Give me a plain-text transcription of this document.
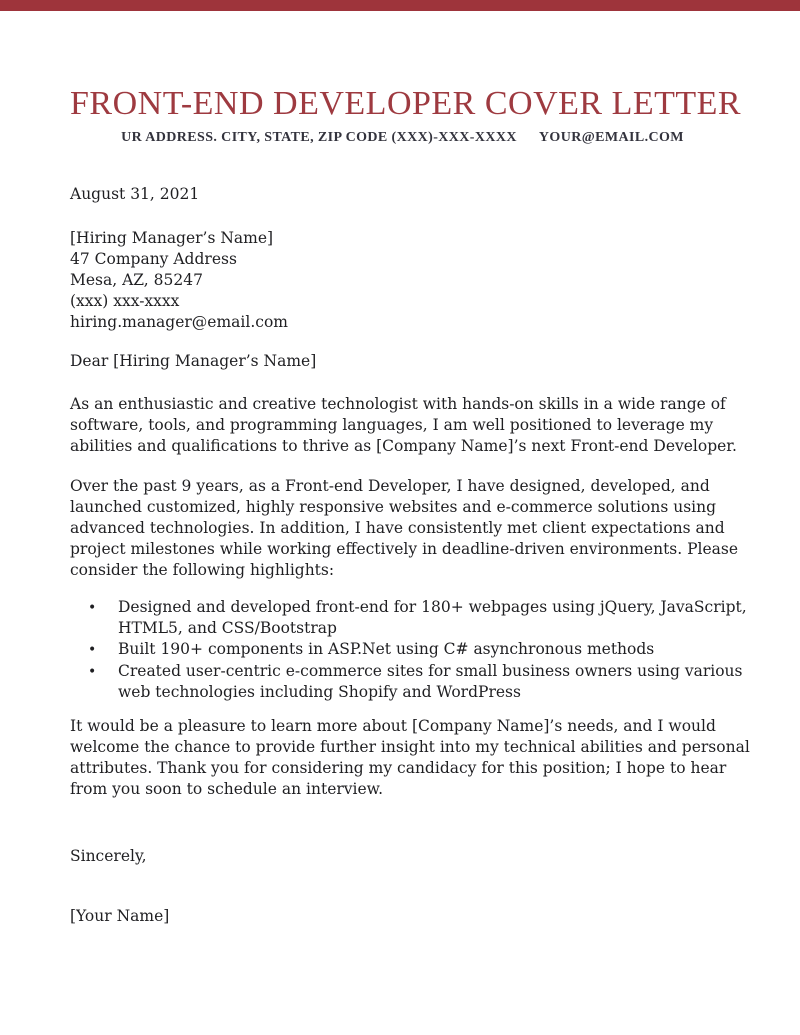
FRONT-END DEVELOPER COVER LETTER
UR ADDRESS. CITY, STATE, ZIP CODE (XXX)-XXX-XXXX YOUR@EMAIL.COM
August 31, 2021
[Hiring Manager’s Name]
47 Company Address
Mesa, AZ, 85247
(xxx) xxx-xxxx
hiring.manager@email.com
Dear [Hiring Manager’s Name]
As an enthusiastic and creative technologist with hands-on skills in a wide range of
software, tools, and programming languages, I am well positioned to leverage my
abilities and qualifications to thrive as [Company Name]’s next Front-end Developer.
Over the past 9 years, as a Front-end Developer, I have designed, developed, and
launched customized, highly responsive websites and e-commerce solutions using
advanced technologies. In addition, I have consistently met client expectations and
project milestones while working effectively in deadline-driven environments. Please
consider the following highlights:
•
Designed and developed front-end for 180+ webpages using jQuery, JavaScript,
HTML5, and CSS/Bootstrap
•
Built 190+ components in ASP.Net using C# asynchronous methods
•
Created user-centric e-commerce sites for small business owners using various
web technologies including Shopify and WordPress
It would be a pleasure to learn more about [Company Name]’s needs, and I would
welcome the chance to provide further insight into my technical abilities and personal
attributes. Thank you for considering my candidacy for this position; I hope to hear
from you soon to schedule an interview.
Sincerely,
[Your Name]
